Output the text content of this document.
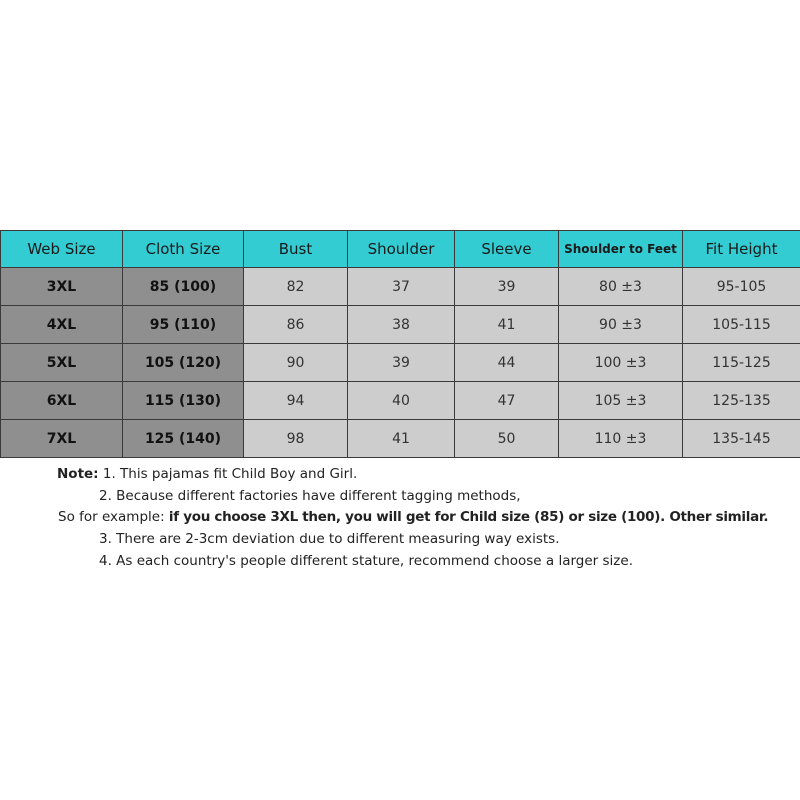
Web Size	Cloth Size	Bust	Shoulder	Sleeve	Shoulder to Feet	Fit Height
3XL	85 (100)	82	37	39	80 ±3	95-105
4XL	95 (110)	86	38	41	90 ±3	105-115
5XL	105 (120)	90	39	44	100 ±3	115-125
6XL	115 (130)	94	40	47	105 ±3	125-135
7XL	125 (140)	98	41	50	110 ±3	135-145
Note: 1. This pajamas fit Child Boy and Girl.
2. Because different factories have different tagging methods,
So for example: if you choose 3XL then, you will get for Child size (85) or size (100). Other similar.
3. There are 2-3cm deviation due to different measuring way exists.
4. As each country's people different stature, recommend choose a larger size.
